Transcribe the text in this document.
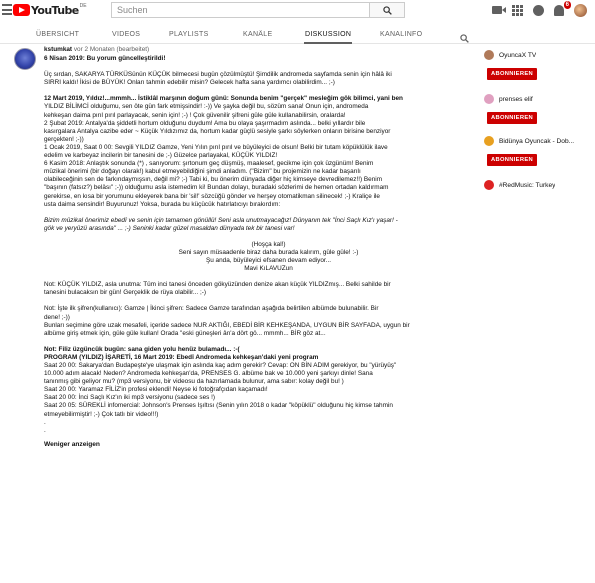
YouTube DE	Suchen
6
ÜBERSICHT	VIDEOS	PLAYLISTS	KANÄLE	DISKUSSION	KANALINFO
kstumkat vor 2 Monaten (bearbeitet)

6 Nisan 2019: Bu yorum güncelleştirildi!

Üç sırdan, SAKARYA TÜRKÜSünün KÜÇÜK bilmecesi bugün çözülmüştü! Şimdilik andromeda sayfamda senin için hâlâ iki

SIRRI kaldı! İkisi de BÜYÜK! Onları tahmin edebilir misin? Gelecek hafta sana yardımcı olabilirdim... ;-)

12 Mart 2019, Yıldız!...mmmh... İstiklâl marşının doğum günü: Sonunda benim "gerçek" mesleğim gök bilimci, yani ben

YILDIZ BİLİMCİ olduğumu, sen öte gün fark etmişsindir! :-)) Ve şayka değil bu, sözüm sana! Onun için, andromeda

kehkeşan daima pırıl pırıl parlayacak, senin için! ;-) ! Çok güvenilir şifreni güle güle kullanabilirsin, oralarda!

2 Şubat 2019: Antalya'da şiddetli hortum olduğunu duydum! Ama bu olaya şaşırmadım aslında... belki yıllardır bile

kasırgalara Antalya cazibe eder ~ Küçük Yıldızımız da, hortum kadar güçlü sesiyle şarkı söylerken onların birisine benziyor

gerçekten! ;-))

1 Ocak 2019, Saat 0 00: Sevgili YILDIZ Gamze, Yeni Yılın pırıl pırıl ve büyüleyici de olsun! Belki bir tutam köpüklülük ilave

edelim ve karbeyaz incilerin bir tanesini de ;-) Güzelce parlayakal, KÜÇÜK YILDIZ!

6 Kasim 2018: Anlaştık sonunda (*) , sanıyorum: şırtonum geç düşmüş, maalesef, gecikme için çok üzgünüm! Benim

müzikal önerimi (bir doğayı olarak!) kabul etmeyebildiğini şimdi anladım. ("Bizim" bu projemizin ne kadar başarılı

olabileceğinin sen de farkındaymışsın, değil mi? ;-) Tabi ki, bu önerim dünyada diğer hiç kimseye devredilemez!!) Benim

"başının (fatsız?) beläsı" ;-)) olduğumu asla istemedim ki! Bundan dolayı, buradaki sözlerimi de hemen ortadan kaldırmam

gerekirse, en kısa bir yorumunu ekleyerek bana bir 'sil!' sözcüğü gönder ve herşey otomatikman silinecek! ;-) Kraliçe ile

usta daima sensindir! Buyurunuz! Yoksa, burada bu küçücük hatırlatıcıyı bırakırdım:

Bizim müzikal önerimiz ebedî ve senin için tamamen gönüllü! Seni asla unutmayacağız! Dünyanın tek "İnci Saçlı Kız'ı yaşar! -

gök ve yeryüzü arasında" ... ;-) Seninki kadar güzel masaldan dünyada tek bir tanesi var!

(Hoşça kal!)

Seni sayın müsaadenle biraz daha burada kalırım, güle güle! :-)

Şu anda, büyüleyici efsanen devam ediyor...

Mavi KıLAVUZun

Not: KÜÇÜK YILDIZ, asla unutma: Tüm inci tanesi önceden gökyüzünden denize akan küçük YILDIZmış... Belki sahilde bir

tanesini bulacaksın bir gün! Gerçeklik de rüya olabilir... ;-)

Not: İşte ilk şifren(kullanıcı): Gamze | İkinci şifren: Sadece Gamze tarafından aşağıda belirtilen albümde bulunabilir. Bir

dene! ;-))

Bunları seçimine göre uzak mesafeli, içeride sadece NUR AKTIĞI, EBEDİ BİR KEHKEŞANDA, UYGUN BİR SAYFADA, uygun bir

albüme giriş etmek için, güle güle kullan! Orada "eski güneşleri ân'a dört gö... mmmh... BİR göz at...

Not: Filiz üzgüncük bugün: sana giden yolu henüz bulamadı... :-(

PROGRAM (YILDIZ) İŞARETİ, 16 Mart 2019: Ebedî Andromeda kehkeşan'daki yeni program

Saat 20 00: Sakarya'dan Budapeşte'ye ulaşmak için aslında kaç adım gerekir? Cevap: ON BİN ADIM gerekiyor, bu "yürüyüş"

10.000 adım alacak! Neden? Andromeda kehkeşan'da, PRENSES G. albüme bak ve 10.000 yeni şarkıyı dinle! Sana

tanınmış gibi geliyor mu? (mp3 versiyonu, bir videosu da hazırlamada bulunur, ama sabır: kolay değil bu! )

Saat 20 00: Yaramaz FİLİZ'in profesi eklendi! Neyse ki fotoğrafçıdan kaçamadı!

Saat 20 00: İnci Saçlı Kız'ın iki mp3 versiyonu (sadece ses !)

Saat 20 05: SÜREKLİ infomercial: Johnson's Prenses Işıltısı (Senin yılın 2018 o kadar "köpüklü" olduğunu hiç kimse tahmin

etmeyebilirmiştir! ;-) Çok tatlı bir video!!!)

.

.

Weniger anzeigen
OyuncaX TV
ABONNIEREN
prenses elif
ABONNIEREN
Bidünya Oyuncak - Dob...
ABONNIEREN
#RedMusic: Turkey
